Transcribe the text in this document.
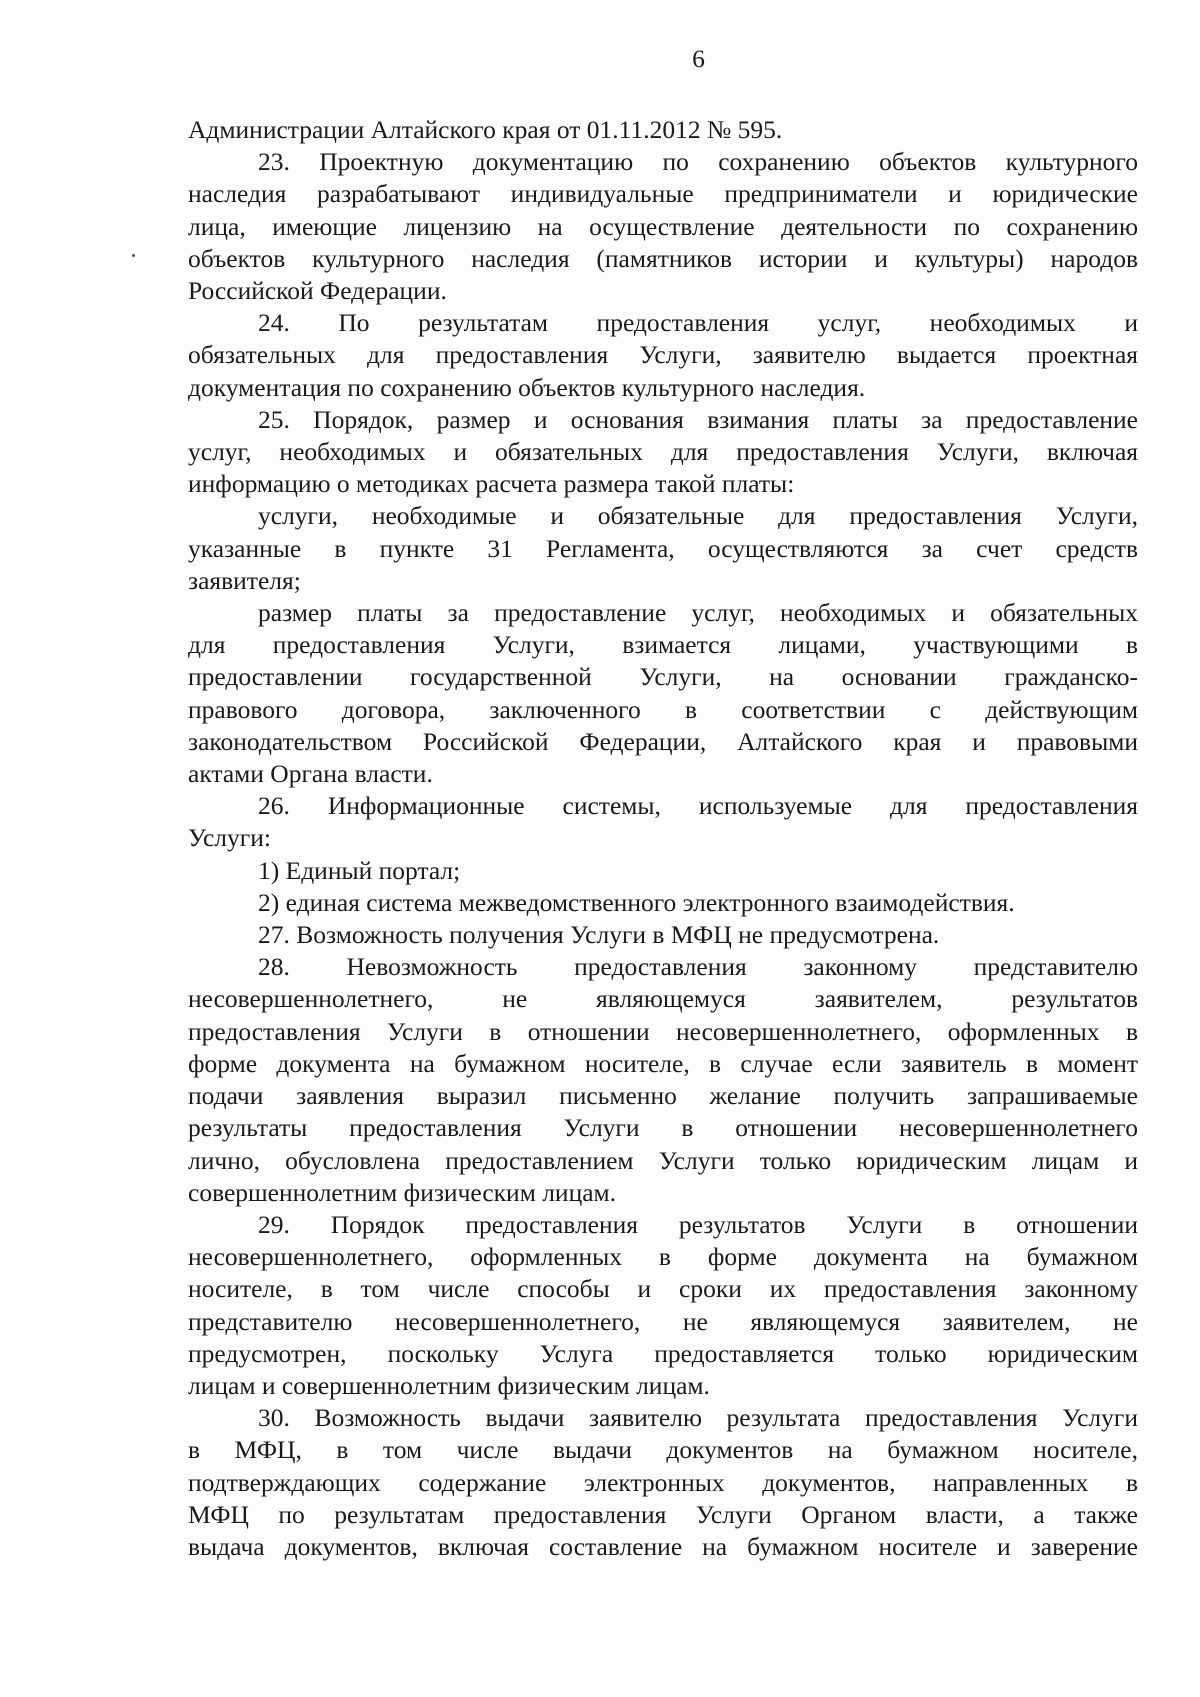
6
Администрации Алтайского края от 01.11.2012 № 595.
23. Проектную документацию по сохранению объектов культурного
наследия разрабатывают индивидуальные предприниматели и юридические
лица, имеющие лицензию на осуществление деятельности по сохранению
объектов культурного наследия (памятников истории и культуры) народов
Российской Федерации.
24. По результатам предоставления услуг, необходимых и
обязательных для предоставления Услуги, заявителю выдается проектная
документация по сохранению объектов культурного наследия.
25. Порядок, размер и основания взимания платы за предоставление
услуг, необходимых и обязательных для предоставления Услуги, включая
информацию о методиках расчета размера такой платы:
услуги, необходимые и обязательные для предоставления Услуги,
указанные в пункте 31 Регламента, осуществляются за счет средств
заявителя;
размер платы за предоставление услуг, необходимых и обязательных
для предоставления Услуги, взимается лицами, участвующими в
предоставлении государственной Услуги, на основании гражданско-
правового договора, заключенного в соответствии с действующим
законодательством Российской Федерации, Алтайского края и правовыми
актами Органа власти.
26. Информационные системы, используемые для предоставления
Услуги:
1) Единый портал;
2) единая система межведомственного электронного взаимодействия.
27. Возможность получения Услуги в МФЦ не предусмотрена.
28. Невозможность предоставления законному представителю
несовершеннолетнего, не являющемуся заявителем, результатов
предоставления Услуги в отношении несовершеннолетнего, оформленных в
форме документа на бумажном носителе, в случае если заявитель в момент
подачи заявления выразил письменно желание получить запрашиваемые
результаты предоставления Услуги в отношении несовершеннолетнего
лично, обусловлена предоставлением Услуги только юридическим лицам и
совершеннолетним физическим лицам.
29. Порядок предоставления результатов Услуги в отношении
несовершеннолетнего, оформленных в форме документа на бумажном
носителе, в том числе способы и сроки их предоставления законному
представителю несовершеннолетнего, не являющемуся заявителем, не
предусмотрен, поскольку Услуга предоставляется только юридическим
лицам и совершеннолетним физическим лицам.
30. Возможность выдачи заявителю результата предоставления Услуги
в МФЦ, в том числе выдачи документов на бумажном носителе,
подтверждающих содержание электронных документов, направленных в
МФЦ по результатам предоставления Услуги Органом власти, а также
выдача документов, включая составление на бумажном носителе и заверение
